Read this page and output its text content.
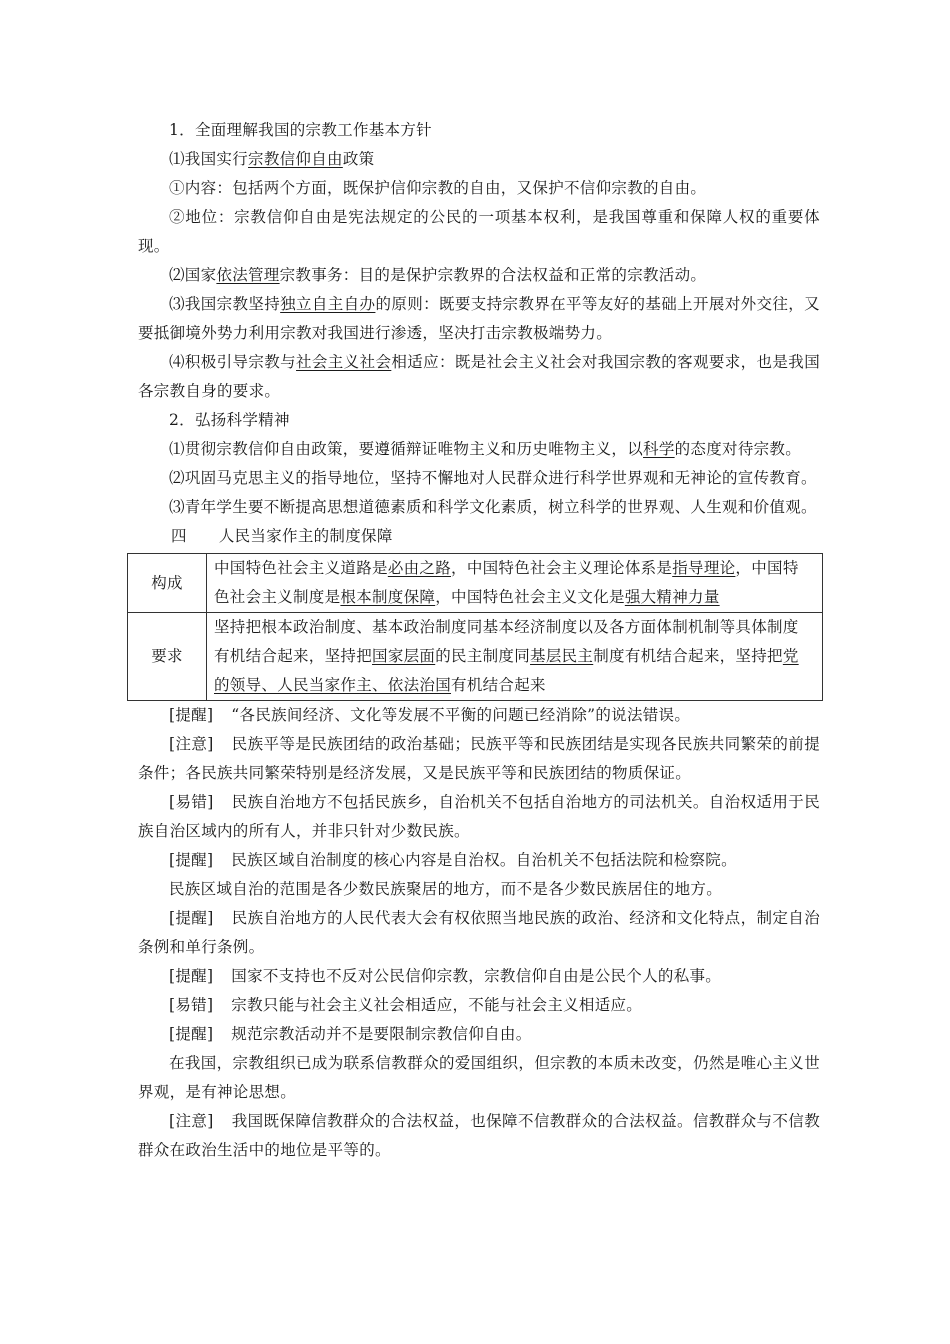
1．全面理解我国的宗教工作基本方针

⑴我国实行宗教信仰自由政策

①内容：包括两个方面，既保护信仰宗教的自由，又保护不信仰宗教的自由。

②地位：宗教信仰自由是宪法规定的公民的一项基本权利，是我国尊重和保障人权的重要体现。

⑵国家依法管理宗教事务：目的是保护宗教界的合法权益和正常的宗教活动。

⑶我国宗教坚持独立自主自办的原则：既要支持宗教界在平等友好的基础上开展对外交往，又要抵御境外势力利用宗教对我国进行渗透，坚决打击宗教极端势力。

⑷积极引导宗教与社会主义社会相适应：既是社会主义社会对我国宗教的客观要求，也是我国各宗教自身的要求。

2．弘扬科学精神

⑴贯彻宗教信仰自由政策，要遵循辩证唯物主义和历史唯物主义，以科学的态度对待宗教。

⑵巩固马克思主义的指导地位，坚持不懈地对人民群众进行科学世界观和无神论的宣传教育。

⑶青年学生要不断提高思想道德素质和科学文化素质，树立科学的世界观、人生观和价值观。

四 人民当家作主的制度保障

构成	中国特色社会主义道路是必由之路，中国特色社会主义理论体系是指导理论，中国特色社会主义制度是根本制度保障，中国特色社会主义文化是强大精神力量
要求	坚持把根本政治制度、基本政治制度同基本经济制度以及各方面体制机制等具体制度有机结合起来，坚持把国家层面的民主制度同基层民主制度有机结合起来，坚持把党的领导、人民当家作主、依法治国有机结合起来

[提醒] “各民族间经济、文化等发展不平衡的问题已经消除”的说法错误。

[注意] 民族平等是民族团结的政治基础；民族平等和民族团结是实现各民族共同繁荣的前提条件；各民族共同繁荣特别是经济发展，又是民族平等和民族团结的物质保证。

[易错] 民族自治地方不包括民族乡，自治机关不包括自治地方的司法机关。自治权适用于民族自治区域内的所有人，并非只针对少数民族。

[提醒] 民族区域自治制度的核心内容是自治权。自治机关不包括法院和检察院。

民族区域自治的范围是各少数民族聚居的地方，而不是各少数民族居住的地方。

[提醒] 民族自治地方的人民代表大会有权依照当地民族的政治、经济和文化特点，制定自治条例和单行条例。

[提醒] 国家不支持也不反对公民信仰宗教，宗教信仰自由是公民个人的私事。

[易错] 宗教只能与社会主义社会相适应，不能与社会主义相适应。

[提醒] 规范宗教活动并不是要限制宗教信仰自由。

在我国，宗教组织已成为联系信教群众的爱国组织，但宗教的本质未改变，仍然是唯心主义世界观，是有神论思想。

[注意] 我国既保障信教群众的合法权益，也保障不信教群众的合法权益。信教群众与不信教群众在政治生活中的地位是平等的。
